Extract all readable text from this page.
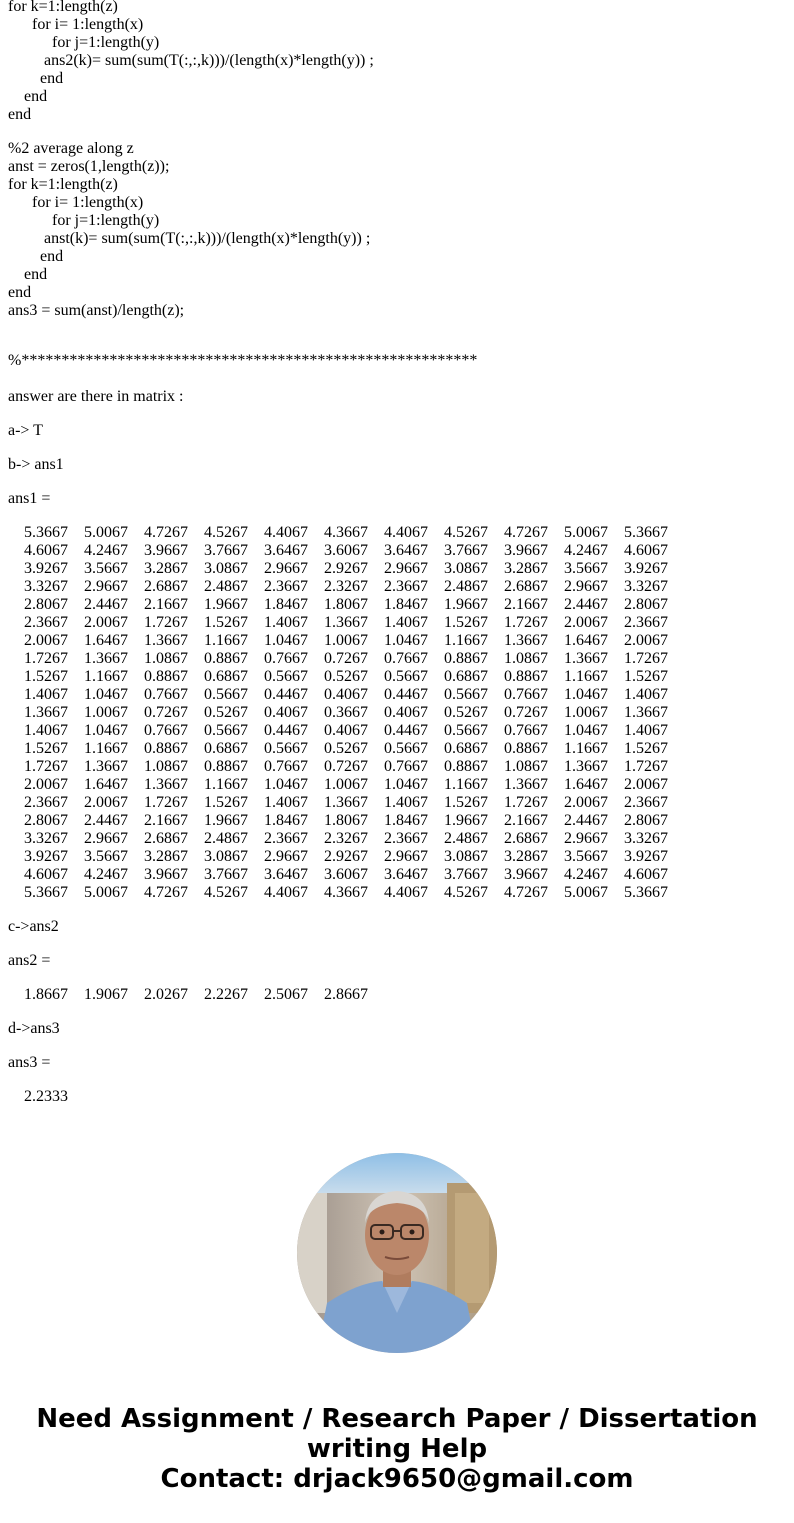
for k=1:length(z)
for i= 1:length(x)
for j=1:length(y)
ans2(k)= sum(sum(T(:,:,k)))/(length(x)*length(y)) ;
end
end
end
%2 average along z
anst = zeros(1,length(z));
for k=1:length(z)
for i= 1:length(x)
for j=1:length(y)
anst(k)= sum(sum(T(:,:,k)))/(length(x)*length(y)) ;
end
end
end
ans3 = sum(anst)/length(z);
%*********************************************************
answer are there in matrix :
a-> T
b-> ans1
ans1 =
5.3667 5.0067 4.7267 4.5267 4.4067 4.3667 4.4067 4.5267 4.7267 5.0067 5.3667
4.6067 4.2467 3.9667 3.7667 3.6467 3.6067 3.6467 3.7667 3.9667 4.2467 4.6067
3.9267 3.5667 3.2867 3.0867 2.9667 2.9267 2.9667 3.0867 3.2867 3.5667 3.9267
3.3267 2.9667 2.6867 2.4867 2.3667 2.3267 2.3667 2.4867 2.6867 2.9667 3.3267
2.8067 2.4467 2.1667 1.9667 1.8467 1.8067 1.8467 1.9667 2.1667 2.4467 2.8067
2.3667 2.0067 1.7267 1.5267 1.4067 1.3667 1.4067 1.5267 1.7267 2.0067 2.3667
2.0067 1.6467 1.3667 1.1667 1.0467 1.0067 1.0467 1.1667 1.3667 1.6467 2.0067
1.7267 1.3667 1.0867 0.8867 0.7667 0.7267 0.7667 0.8867 1.0867 1.3667 1.7267
1.5267 1.1667 0.8867 0.6867 0.5667 0.5267 0.5667 0.6867 0.8867 1.1667 1.5267
1.4067 1.0467 0.7667 0.5667 0.4467 0.4067 0.4467 0.5667 0.7667 1.0467 1.4067
1.3667 1.0067 0.7267 0.5267 0.4067 0.3667 0.4067 0.5267 0.7267 1.0067 1.3667
1.4067 1.0467 0.7667 0.5667 0.4467 0.4067 0.4467 0.5667 0.7667 1.0467 1.4067
1.5267 1.1667 0.8867 0.6867 0.5667 0.5267 0.5667 0.6867 0.8867 1.1667 1.5267
1.7267 1.3667 1.0867 0.8867 0.7667 0.7267 0.7667 0.8867 1.0867 1.3667 1.7267
2.0067 1.6467 1.3667 1.1667 1.0467 1.0067 1.0467 1.1667 1.3667 1.6467 2.0067
2.3667 2.0067 1.7267 1.5267 1.4067 1.3667 1.4067 1.5267 1.7267 2.0067 2.3667
2.8067 2.4467 2.1667 1.9667 1.8467 1.8067 1.8467 1.9667 2.1667 2.4467 2.8067
3.3267 2.9667 2.6867 2.4867 2.3667 2.3267 2.3667 2.4867 2.6867 2.9667 3.3267
3.9267 3.5667 3.2867 3.0867 2.9667 2.9267 2.9667 3.0867 3.2867 3.5667 3.9267
4.6067 4.2467 3.9667 3.7667 3.6467 3.6067 3.6467 3.7667 3.9667 4.2467 4.6067
5.3667 5.0067 4.7267 4.5267 4.4067 4.3667 4.4067 4.5267 4.7267 5.0067 5.3667
c->ans2
ans2 =
1.8667 1.9067 2.0267 2.2267 2.5067 2.8667
d->ans3
ans3 =
2.2333
Need Assignment / Research Paper / Dissertation
writing Help
Contact: drjack9650@gmail.com
